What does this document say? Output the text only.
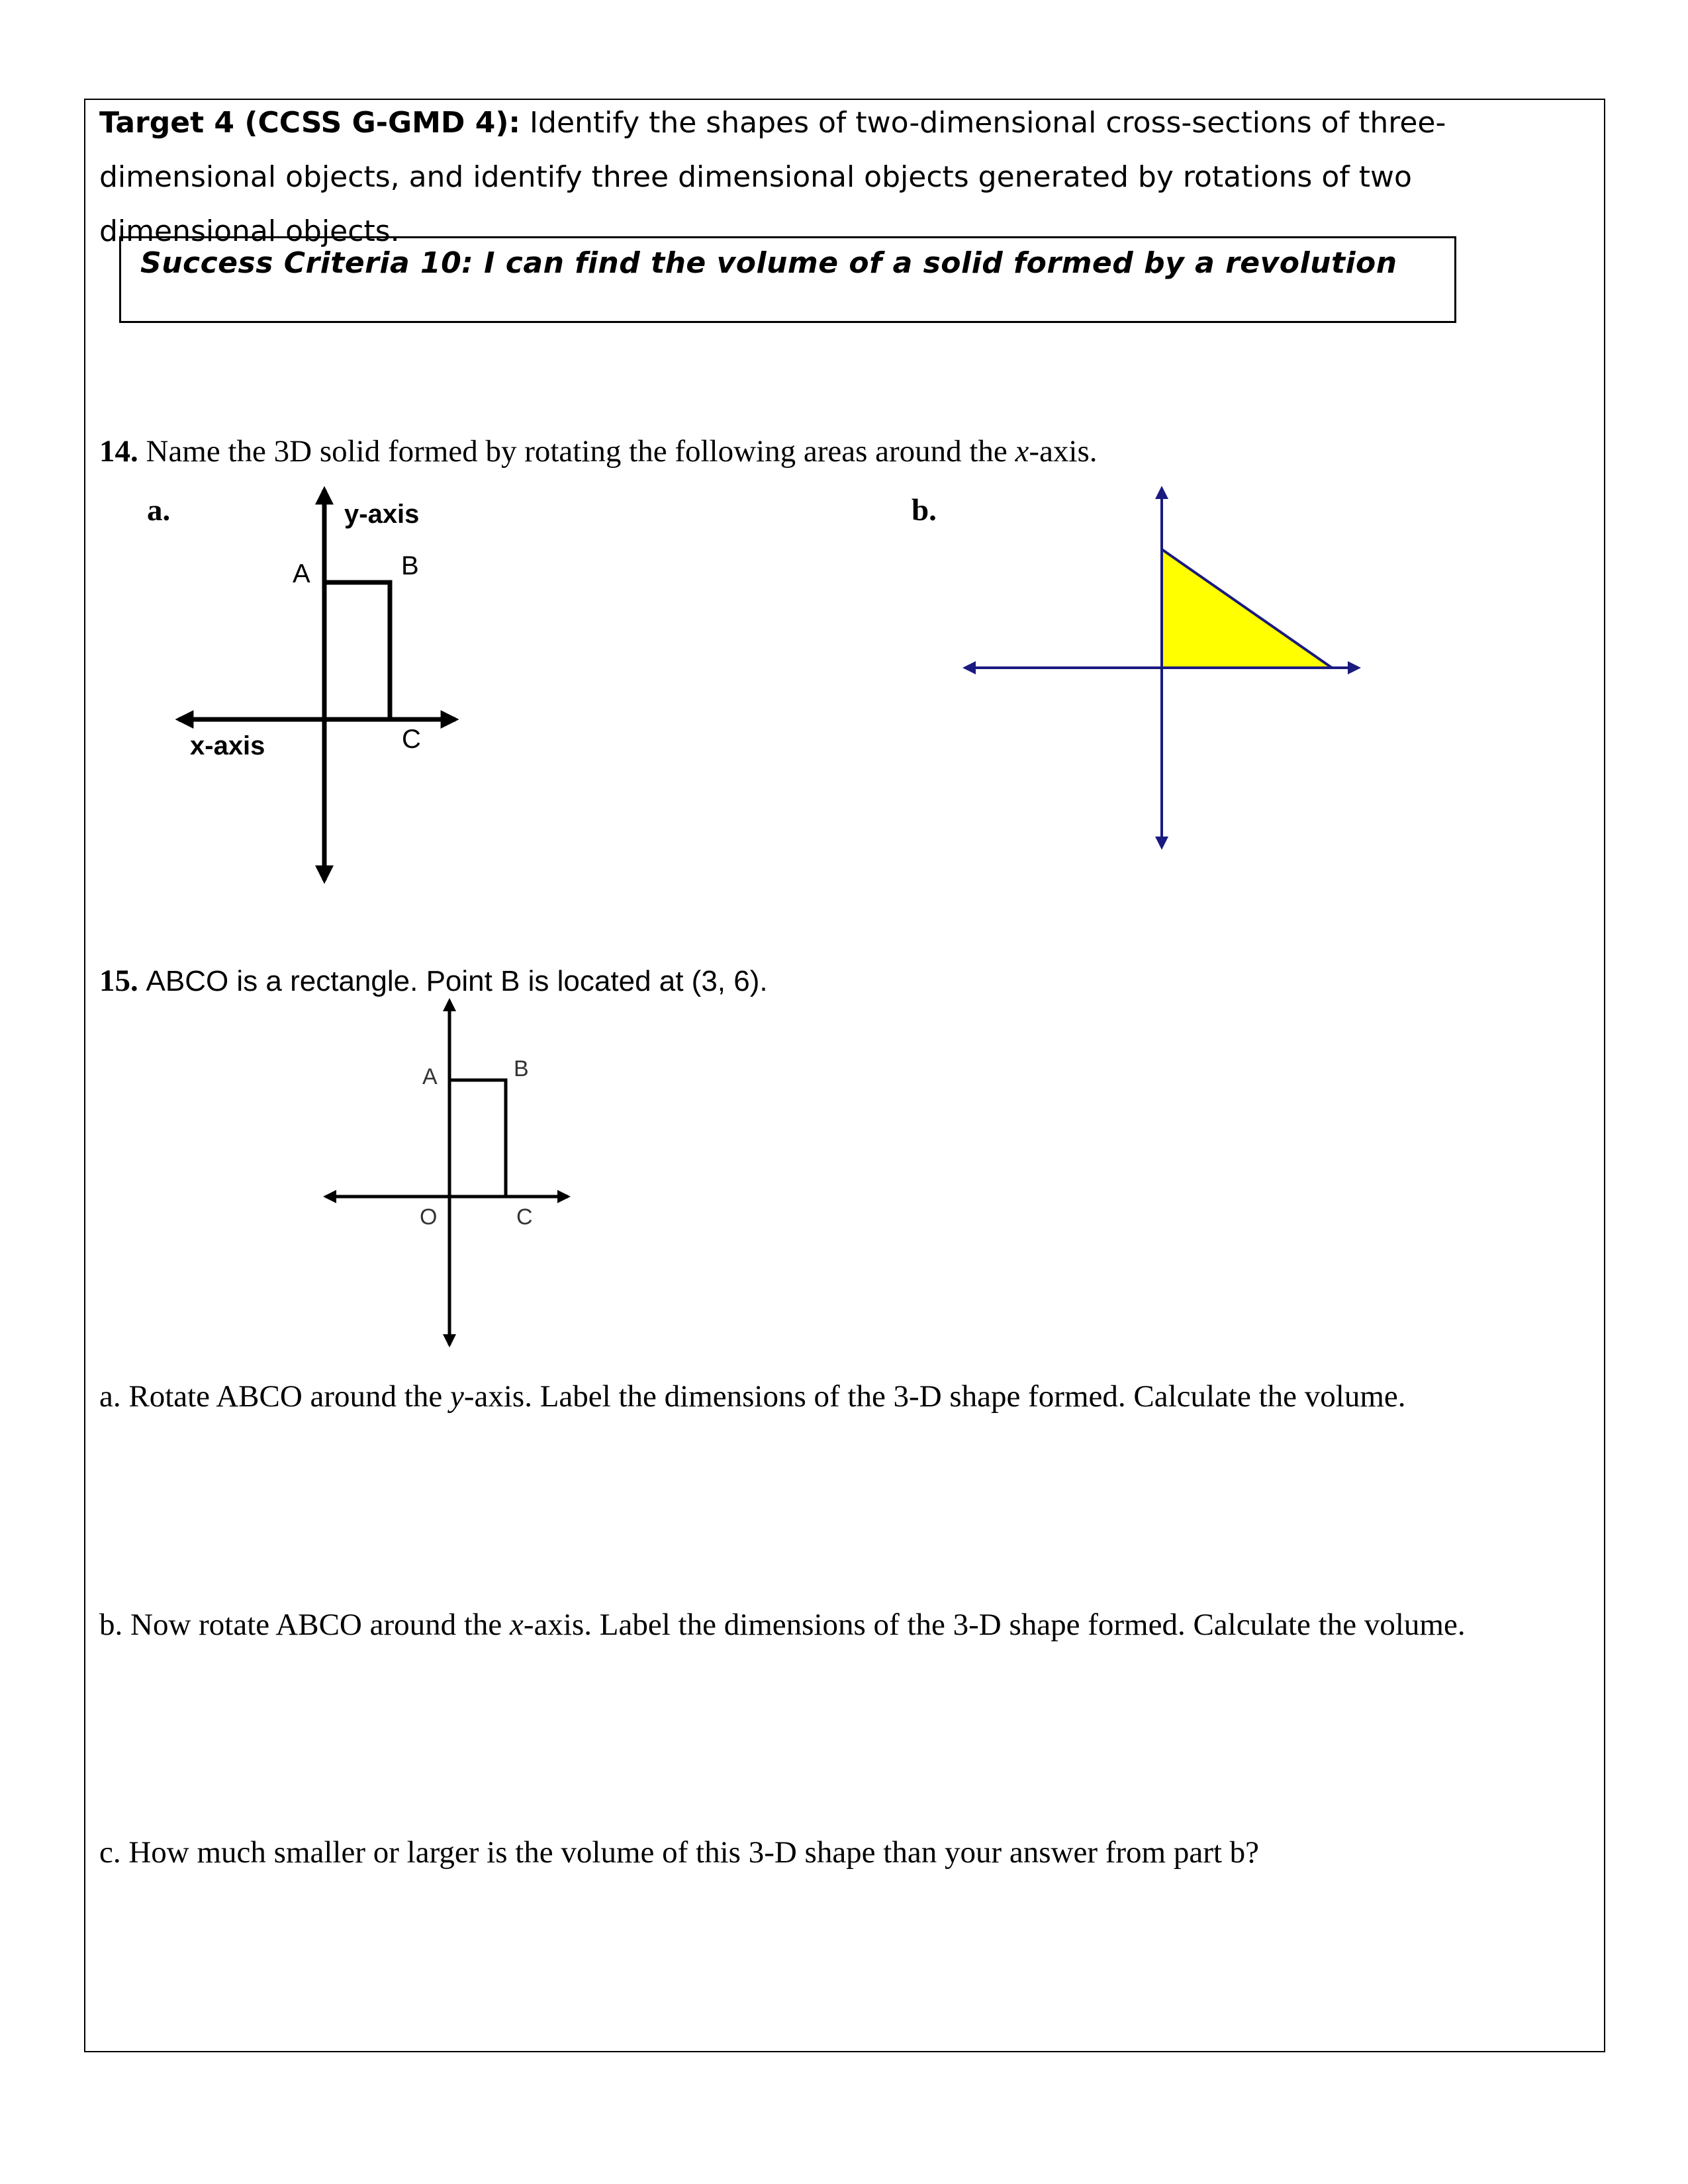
Target 4 (CCSS G-GMD 4): Identify the shapes of two-dimensional cross-sections of three-dimensional objects, and identify three dimensional objects generated by rotations of two dimensional objects.
Success Criteria 10: I can find the volume of a solid formed by a revolution
14. Name the 3D solid formed by rotating the following areas around the x-axis.
a.	b.
y-axis
x-axis
A	B
C
15. ABCO is a rectangle. Point B is located at (3, 6).
A	B
O	C
a. Rotate ABCO around the y-axis. Label the dimensions of the 3-D shape formed. Calculate the volume.
b. Now rotate ABCO around the x-axis. Label the dimensions of the 3-D shape formed. Calculate the volume.
c. How much smaller or larger is the volume of this 3-D shape than your answer from part b?
